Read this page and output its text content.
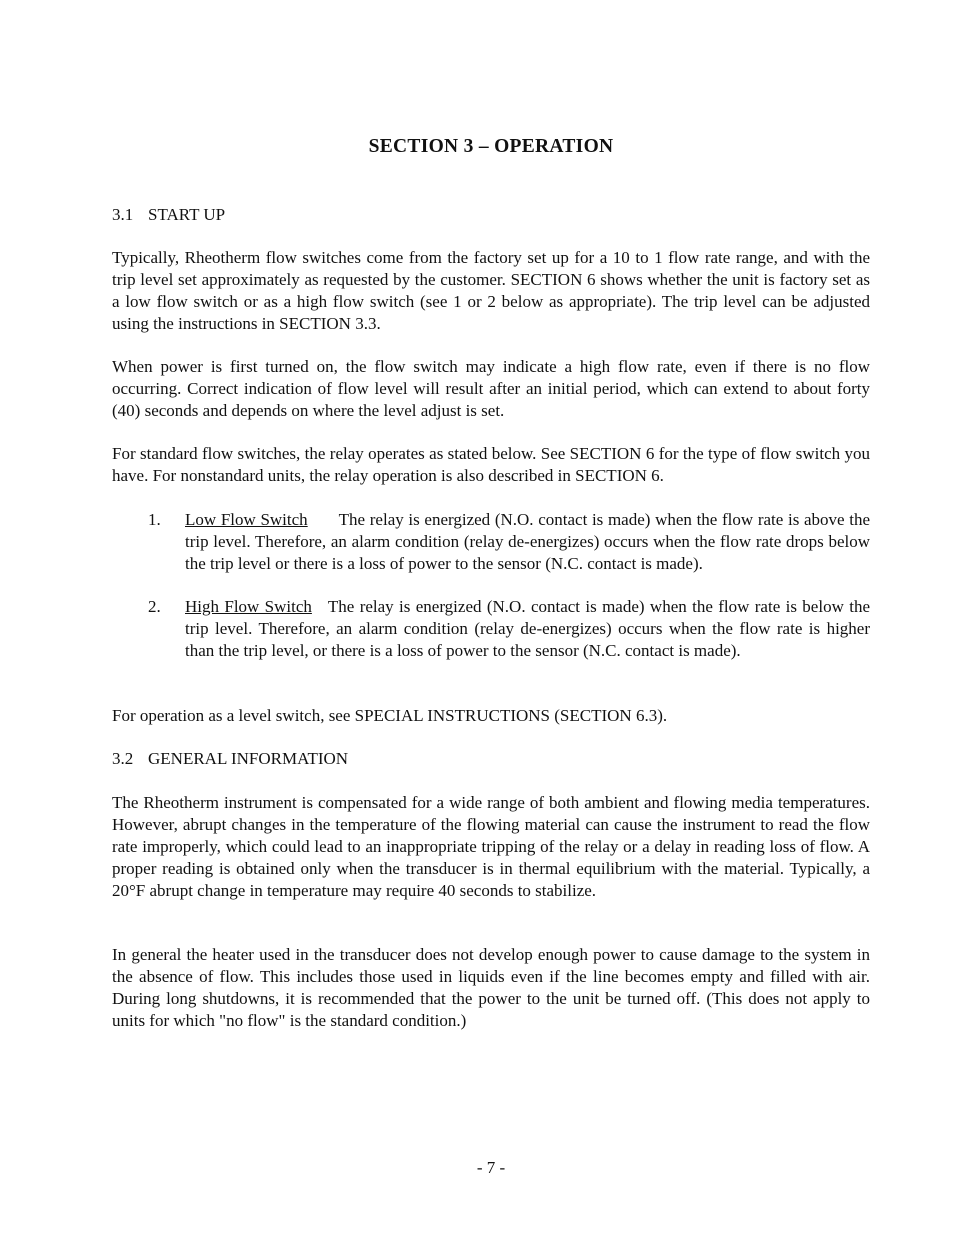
SECTION 3 – OPERATION
3.1 START UP

Typically, Rheotherm flow switches come from the factory set up for a 10 to 1 flow rate range, and with the trip level set approximately as requested by the customer. SECTION 6 shows whether the unit is factory set as a low flow switch or as a high flow switch (see 1 or 2 below as appropriate). The trip level can be adjusted using the instructions in SECTION 3.3.

When power is first turned on, the flow switch may indicate a high flow rate, even if there is no flow occurring. Correct indication of flow level will result after an initial period, which can extend to about forty (40) seconds and depends on where the level adjust is set.

For standard flow switches, the relay operates as stated below. See SECTION 6 for the type of flow switch you have. For nonstandard units, the relay operation is also described in SECTION 6.

1. Low Flow Switch The relay is energized (N.O. contact is made) when the flow rate is above the trip level. Therefore, an alarm condition (relay de-energizes) occurs when the flow rate drops below the trip level or there is a loss of power to the sensor (N.C. contact is made).

2. High Flow Switch The relay is energized (N.O. contact is made) when the flow rate is below the trip level. Therefore, an alarm condition (relay de-energizes) occurs when the flow rate is higher than the trip level, or there is a loss of power to the sensor (N.C. contact is made).

For operation as a level switch, see SPECIAL INSTRUCTIONS (SECTION 6.3).

3.2 GENERAL INFORMATION

The Rheotherm instrument is compensated for a wide range of both ambient and flowing media temperatures. However, abrupt changes in the temperature of the flowing material can cause the instrument to read the flow rate improperly, which could lead to an inappropriate tripping of the relay or a delay in reading loss of flow. A proper reading is obtained only when the transducer is in thermal equilibrium with the material. Typically, a 20°F abrupt change in temperature may require 40 seconds to stabilize.

In general the heater used in the transducer does not develop enough power to cause damage to the system in the absence of flow. This includes those used in liquids even if the line becomes empty and filled with air. During long shutdowns, it is recommended that the power to the unit be turned off. (This does not apply to units for which "no flow" is the standard condition.)

- 7 -
